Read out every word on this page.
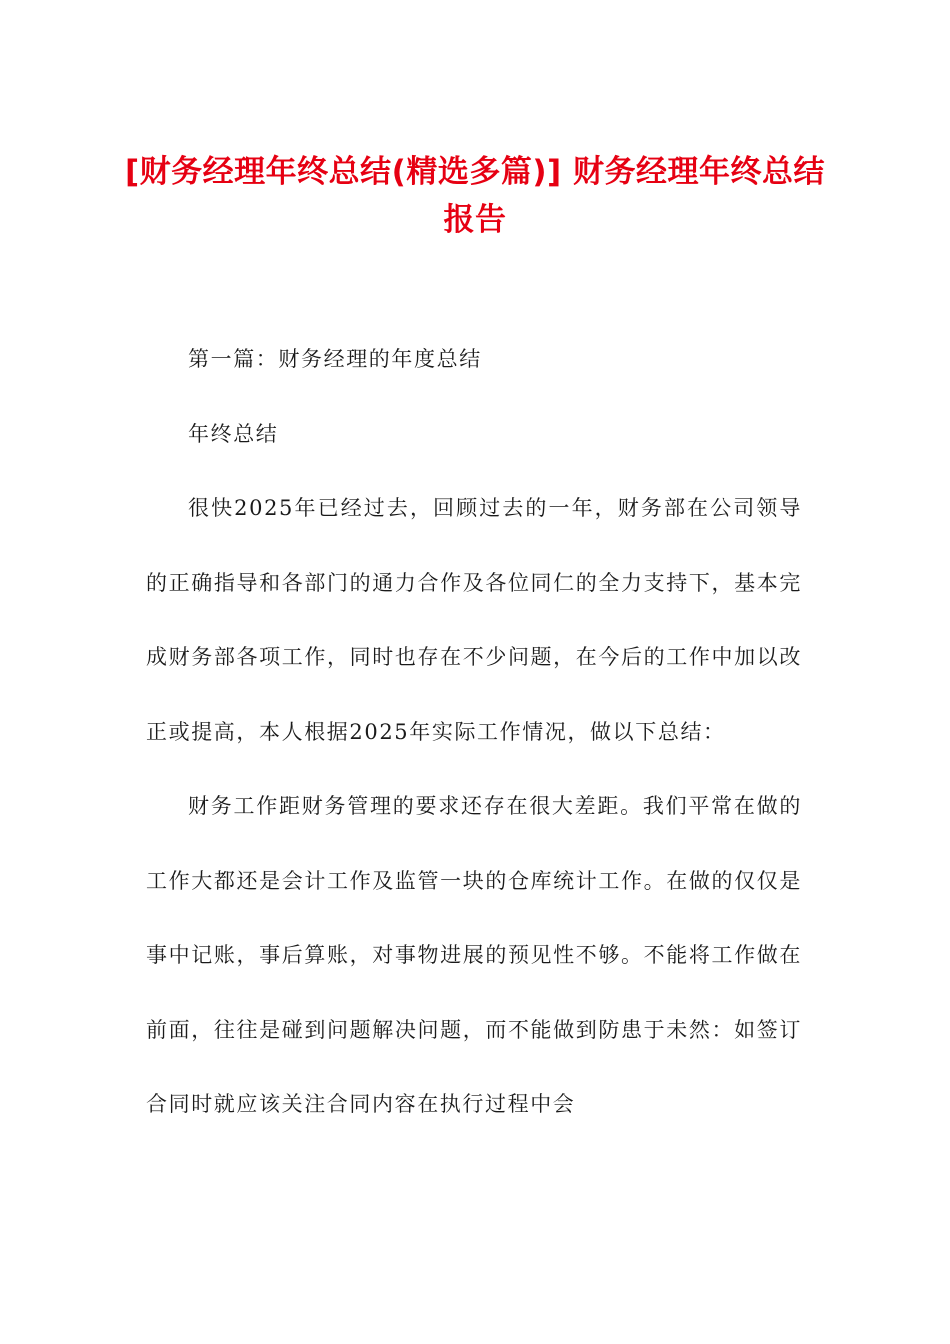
[财务经理年终总结(精选多篇)] 财务经理年终总结报告

第一篇：财务经理的年度总结

年终总结

很快2025年已经过去，回顾过去的一年，财务部在公司领导的正确指导和各部门的通力合作及各位同仁的全力支持下，基本完成财务部各项工作，同时也存在不少问题，在今后的工作中加以改正或提高，本人根据2025年实际工作情况，做以下总结：

财务工作距财务管理的要求还存在很大差距。我们平常在做的工作大都还是会计工作及监管一块的仓库统计工作。在做的仅仅是事中记账，事后算账，对事物进展的预见性不够。不能将工作做在前面，往往是碰到问题解决问题，而不能做到防患于未然：如签订合同时就应该关注合同内容在执行过程中会
